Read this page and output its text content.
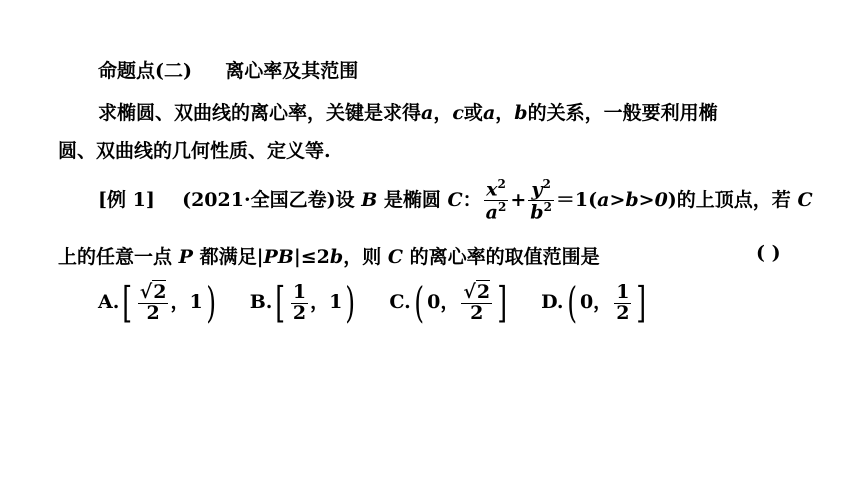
命题点(二) 离心率及其范围
求椭圆、双曲线的离心率，关键是求得a，c或a，b的关系，一般要利用椭
圆、双曲线的几何性质、定义等.
[例 1] (2021·全国乙卷)设 B 是椭圆 C： $\frac{x^2}{a^2} + \frac{y^2}{b^2} =1(a>b>0)$的上顶点，若 C
上的任意一点 P 都满足|PB|≤2b，则 C 的离心率的取值范围是	( )
$A.[ \frac{√2}{2}$ ，1) $B.[ \frac{1}{2}$ ，1) C.( 0， $\frac{√2}{2}$ ] D.( 0， $\frac{1}{2}$ ]
